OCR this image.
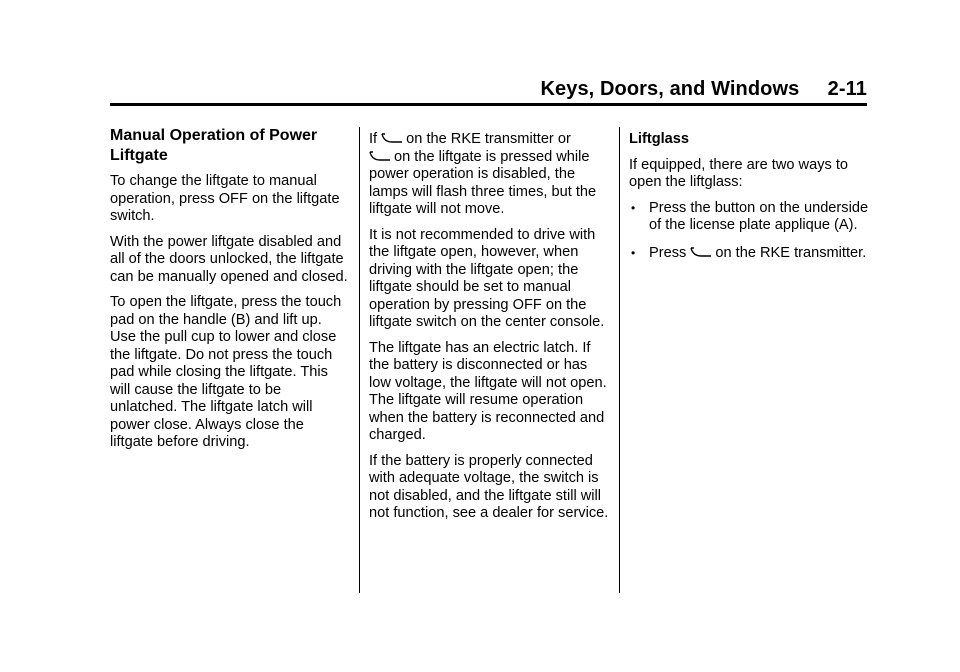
Keys, Doors, and Windows     2-11
Manual Operation of Power Liftgate

To change the liftgate to manual operation, press OFF on the liftgate switch.

With the power liftgate disabled and all of the doors unlocked, the liftgate can be manually opened and closed.

To open the liftgate, press the touch pad on the handle (B) and lift up. Use the pull cup to lower and close the liftgate. Do not press the touch pad while closing the liftgate. This will cause the liftgate to be unlatched. The liftgate latch will power close. Always close the liftgate before driving.

If on the RKE transmitter or

on the liftgate is pressed while power operation is disabled, the lamps will flash three times, but the liftgate will not move.

It is not recommended to drive with the liftgate open, however, when driving with the liftgate open; the liftgate should be set to manual operation by pressing OFF on the liftgate switch on the center console.

The liftgate has an electric latch. If the battery is disconnected or has low voltage, the liftgate will not open. The liftgate will resume operation when the battery is reconnected and charged.

If the battery is properly connected with adequate voltage, the switch is not disabled, and the liftgate still will not function, see a dealer for service.

Liftglass

If equipped, there are two ways to open the liftglass:

• Press the button on the underside of the license plate applique (A).
• Press on the RKE transmitter.
